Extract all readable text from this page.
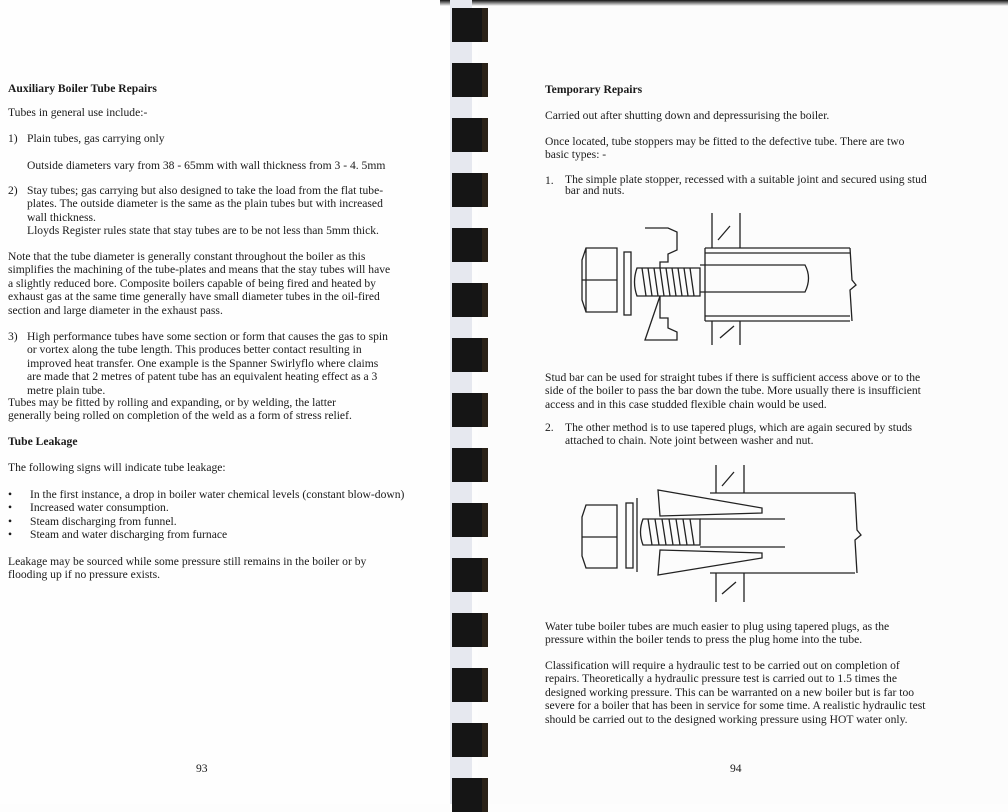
Auxiliary Boiler Tube Repairs

Tubes in general use include:-

1) Plain tubes, gas carrying only

Outside diameters vary from 38 - 65mm with wall thickness from 3 - 4. 5mm

2) Stay tubes; gas carrying but also designed to take the load from the flat tube-plates. The outside diameter is the same as the plain tubes but with increased wall thickness.

Lloyds Register rules state that stay tubes are to be not less than 5mm thick.

Note that the tube diameter is generally constant throughout the boiler as this simplifies the machining of the tube-plates and means that the stay tubes will have a slightly reduced bore. Composite boilers capable of being fired and heated by exhaust gas at the same time generally have small diameter tubes in the oil-fired section and large diameter in the exhaust pass.

3) High performance tubes have some section or form that causes the gas to spin or vortex along the tube length. This produces better contact resulting in improved heat transfer. One example is the Spanner Swirlyflo where claims are made that 2 metres of patent tube has an equivalent heating effect as a 3 metre plain tube.

Tubes may be fitted by rolling and expanding, or by welding, the latter generally being rolled on completion of the weld as a form of stress relief.

Tube Leakage

The following signs will indicate tube leakage:

• In the first instance, a drop in boiler water chemical levels (constant blow-down)
• Increased water consumption.
• Steam discharging from funnel.
• Steam and water discharging from furnace

Leakage may be sourced while some pressure still remains in the boiler or by flooding up if no pressure exists.

93

Temporary Repairs

Carried out after shutting down and depressurising the boiler.

Once located, tube stoppers may be fitted to the defective tube. There are two basic types: -

1. The simple plate stopper, recessed with a suitable joint and secured using stud bar and nuts.

Stud bar can be used for straight tubes if there is sufficient access above or to the side of the boiler to pass the bar down the tube. More usually there is insufficient access and in this case studded flexible chain would be used.

2. The other method is to use tapered plugs, which are again secured by studs attached to chain. Note joint between washer and nut.

Water tube boiler tubes are much easier to plug using tapered plugs, as the pressure within the boiler tends to press the plug home into the tube.

Classification will require a hydraulic test to be carried out on completion of repairs. Theoretically a hydraulic pressure test is carried out to 1.5 times the designed working pressure. This can be warranted on a new boiler but is far too severe for a boiler that has been in service for some time. A realistic hydraulic test should be carried out to the designed working pressure using HOT water only.

94
